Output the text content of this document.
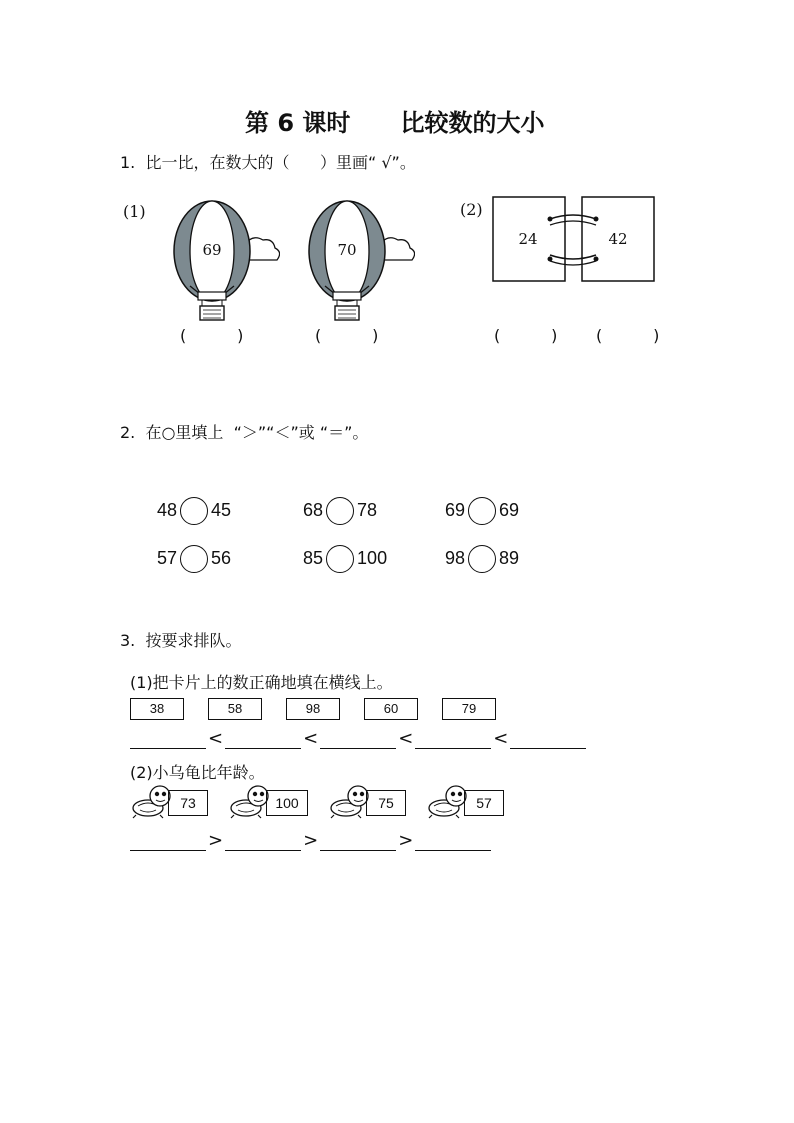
第 6 课时      比较数的大小
1.  比一比，在数大的（      ）里画“ √”。
(1)	(2)
69	70
24	42
(          )	(          )	(          ) (          )
2.  在○里填上  “＞”“＜”或 “＝”。

48 45	68 78	69 69

57 56	85 100	98 89

3.  按要求排队。
(1)把卡片上的数正确地填在横线上。
38	58	98	60	79
<	<	<	<
(2)小乌龟比年龄。
73	100	75	57
>	>	>
